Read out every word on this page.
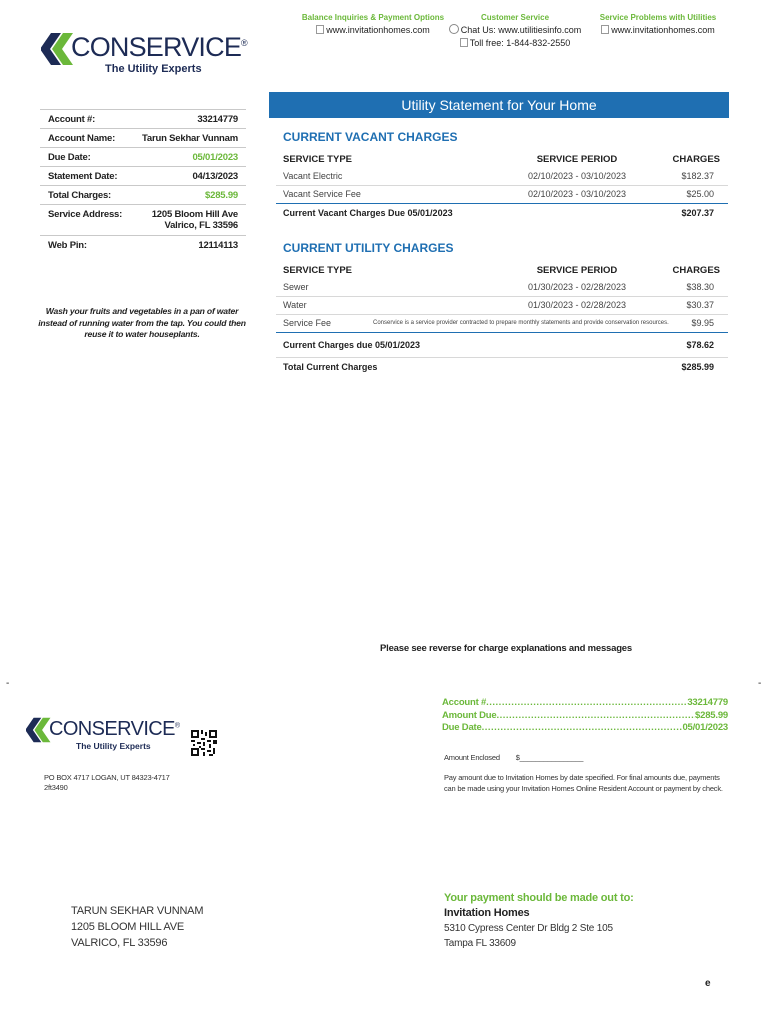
CONSERVICE®
The Utility Experts
Balance Inquiries & Payment Options
www.invitationhomes.com
Customer Service
Chat Us: www.utilitiesinfo.com
Toll free: 1-844-832-2550
Service Problems with Utilities
www.invitationhomes.com
Account #:	33214779
Account Name:	Tarun Sekhar Vunnam
Due Date:	05/01/2023
Statement Date:	04/13/2023
Total Charges:	$285.99
Service Address:	1205 Bloom Hill Ave
Valrico, FL 33596
Web Pin:	12114113
Wash your fruits and vegetables in a pan of water instead of running water from the tap. You could then reuse it to water houseplants.
Utility Statement for Your Home
CURRENT VACANT CHARGES
SERVICE TYPE	SERVICE PERIOD	CHARGES
Vacant Electric	02/10/2023 - 03/10/2023	$182.37
Vacant Service Fee	02/10/2023 - 03/10/2023	$25.00
Current Vacant Charges Due 05/01/2023	$207.37
CURRENT UTILITY CHARGES
SERVICE TYPE	SERVICE PERIOD	CHARGES
Sewer	01/30/2023 - 02/28/2023	$38.30
Water	01/30/2023 - 02/28/2023	$30.37
Service Fee	Conservice is a service provider contracted to prepare monthly statements and provide conservation resources.	$9.95
Current Charges due 05/01/2023	$78.62
Total Current Charges	$285.99
Please see reverse for charge explanations and messages
-	-
CONSERVICE®
The Utility Experts
PO BOX 4717 LOGAN, UT 84323-4717
2ft3490
Account # .....	33214779
Amount Due .....	$285.99
Due Date .....	05/01/2023
Amount Enclosed $________________
Pay amount due to Invitation Homes by date specified. For final amounts due, payments can be made using your Invitation Homes Online Resident Account or payment by check.
TARUN SEKHAR VUNNAM
1205 BLOOM HILL AVE
VALRICO, FL 33596
Your payment should be made out to:
Invitation Homes
5310 Cypress Center Dr Bldg 2 Ste 105
Tampa FL 33609
e
